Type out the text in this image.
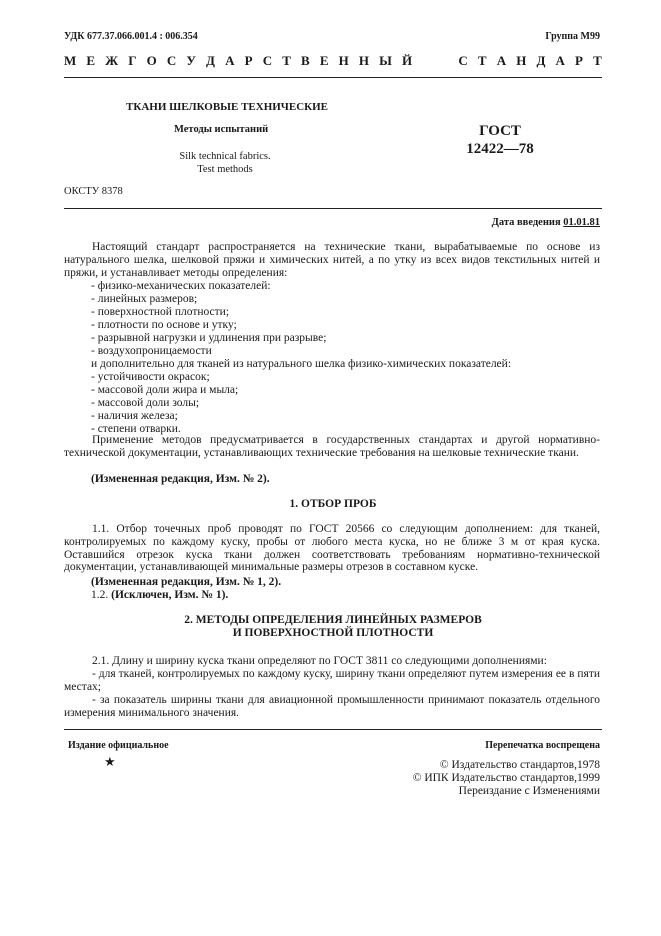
УДК 677.37.066.001.4 : 006.354	Группа М99
М Е Ж Г О С У Д А Р С Т В Е Н Н Ы Й	С Т А Н Д А Р Т
ТКАНИ ШЕЛКОВЫЕ ТЕХНИЧЕСКИЕ
Методы испытаний
Silk technical fabrics.
Test methods
ГОСТ
12422—78
ОКСТУ 8378
Дата введения 01.01.81
Настоящий стандарт распространяется на технические ткани, вырабатываемые по основе из натурального шелка, шелковой пряжи и химических нитей, а по утку из всех видов текстильных нитей и пряжи, и устанавливает методы определения:
- физико-механических показателей:
- линейных размеров;
- поверхностной плотности;
- плотности по основе и утку;
- разрывной нагрузки и удлинения при разрыве;
- воздухопроницаемости
и дополнительно для тканей из натурального шелка физико-химических показателей:
- устойчивости окрасок;
- массовой доли жира и мыла;
- массовой доли золы;
- наличия железа;
- степени отварки.
Применение методов предусматривается в государственных стандартах и другой нормативно-технической документации, устанавливающих технические требования на шелковые технические ткани.
(Измененная редакция, Изм. № 2).
1. ОТБОР ПРОБ
1.1. Отбор точечных проб проводят по ГОСТ 20566 со следующим дополнением: для тканей, контролируемых по каждому куску, пробы от любого места куска, но не ближе 3 м от края куска. Оставшийся отрезок куска ткани должен соответствовать требованиям нормативно-технической документации, устанавливающей минимальные размеры отрезов в составном куске.
(Измененная редакция, Изм. № 1, 2).
1.2. (Исключен, Изм. № 1).
2. МЕТОДЫ ОПРЕДЕЛЕНИЯ ЛИНЕЙНЫХ РАЗМЕРОВ
И ПОВЕРХНОСТНОЙ ПЛОТНОСТИ
2.1. Длину и ширину куска ткани определяют по ГОСТ 3811 со следующими дополнениями:
- для тканей, контролируемых по каждому куску, ширину ткани определяют путем измерения ее в пяти местах;
- за показатель ширины ткани для авиационной промышленности принимают показатель отдельного измерения минимального значения.
Издание официальное
★
Перепечатка воспрещена
© Издательство стандартов,1978
© ИПК Издательство стандартов,1999
Переиздание с Изменениями
